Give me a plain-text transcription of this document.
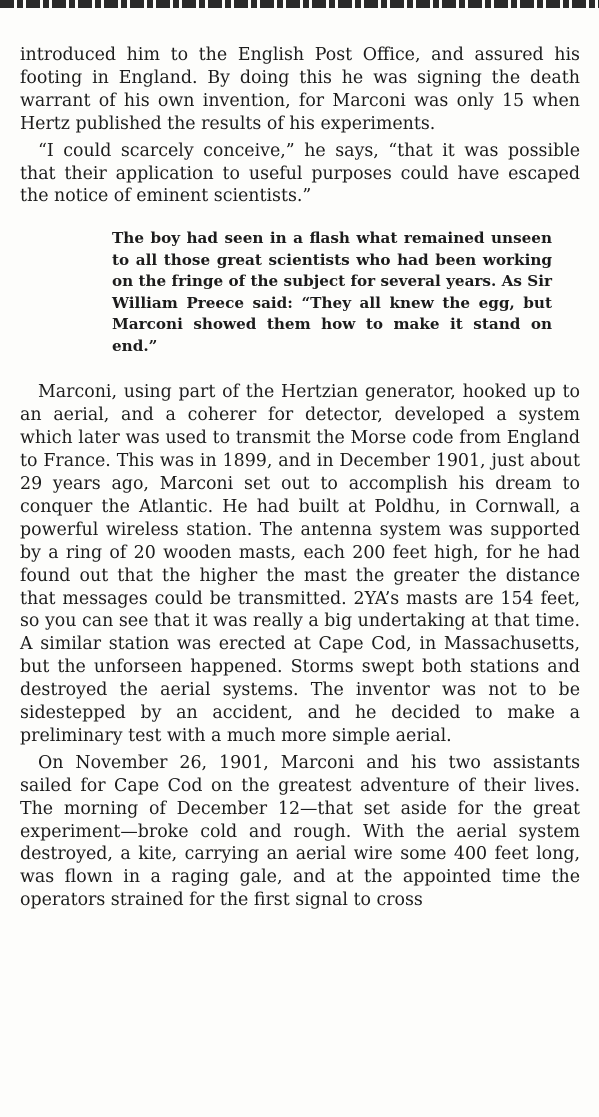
introduced him to the English Post Office, and assured his footing in England. By doing this he was signing the death warrant of his own invention, for Marconi was only 15 when Hertz published the results of his experiments.

“I could scarcely conceive,” he says, “that it was possible that their application to useful purposes could have escaped the notice of eminent scientists.”

The boy had seen in a flash what remained unseen to all those great scientists who had been working on the fringe of the subject for several years. As Sir William Preece said: “They all knew the egg, but Marconi showed them how to make it stand on end.”

Marconi, using part of the Hertzian generator, hooked up to an aerial, and a coherer for detector, developed a system which later was used to transmit the Morse code from England to France. This was in 1899, and in December 1901, just about 29 years ago, Marconi set out to accomplish his dream to conquer the Atlantic. He had built at Poldhu, in Cornwall, a powerful wireless station. The antenna system was supported by a ring of 20 wooden masts, each 200 feet high, for he had found out that the higher the mast the greater the distance that messages could be transmitted. 2YA’s masts are 154 feet, so you can see that it was really a big undertaking at that time. A similar station was erected at Cape Cod, in Massachusetts, but the unforseen happened. Storms swept both stations and destroyed the aerial systems. The inventor was not to be sidestepped by an accident, and he decided to make a preliminary test with a much more simple aerial.

On November 26, 1901, Marconi and his two assistants sailed for Cape Cod on the greatest adventure of their lives. The morning of December 12—that set aside for the great experiment—broke cold and rough. With the aerial system destroyed, a kite, carrying an aerial wire some 400 feet long, was flown in a raging gale, and at the appointed time the operators strained for the first signal to cross
